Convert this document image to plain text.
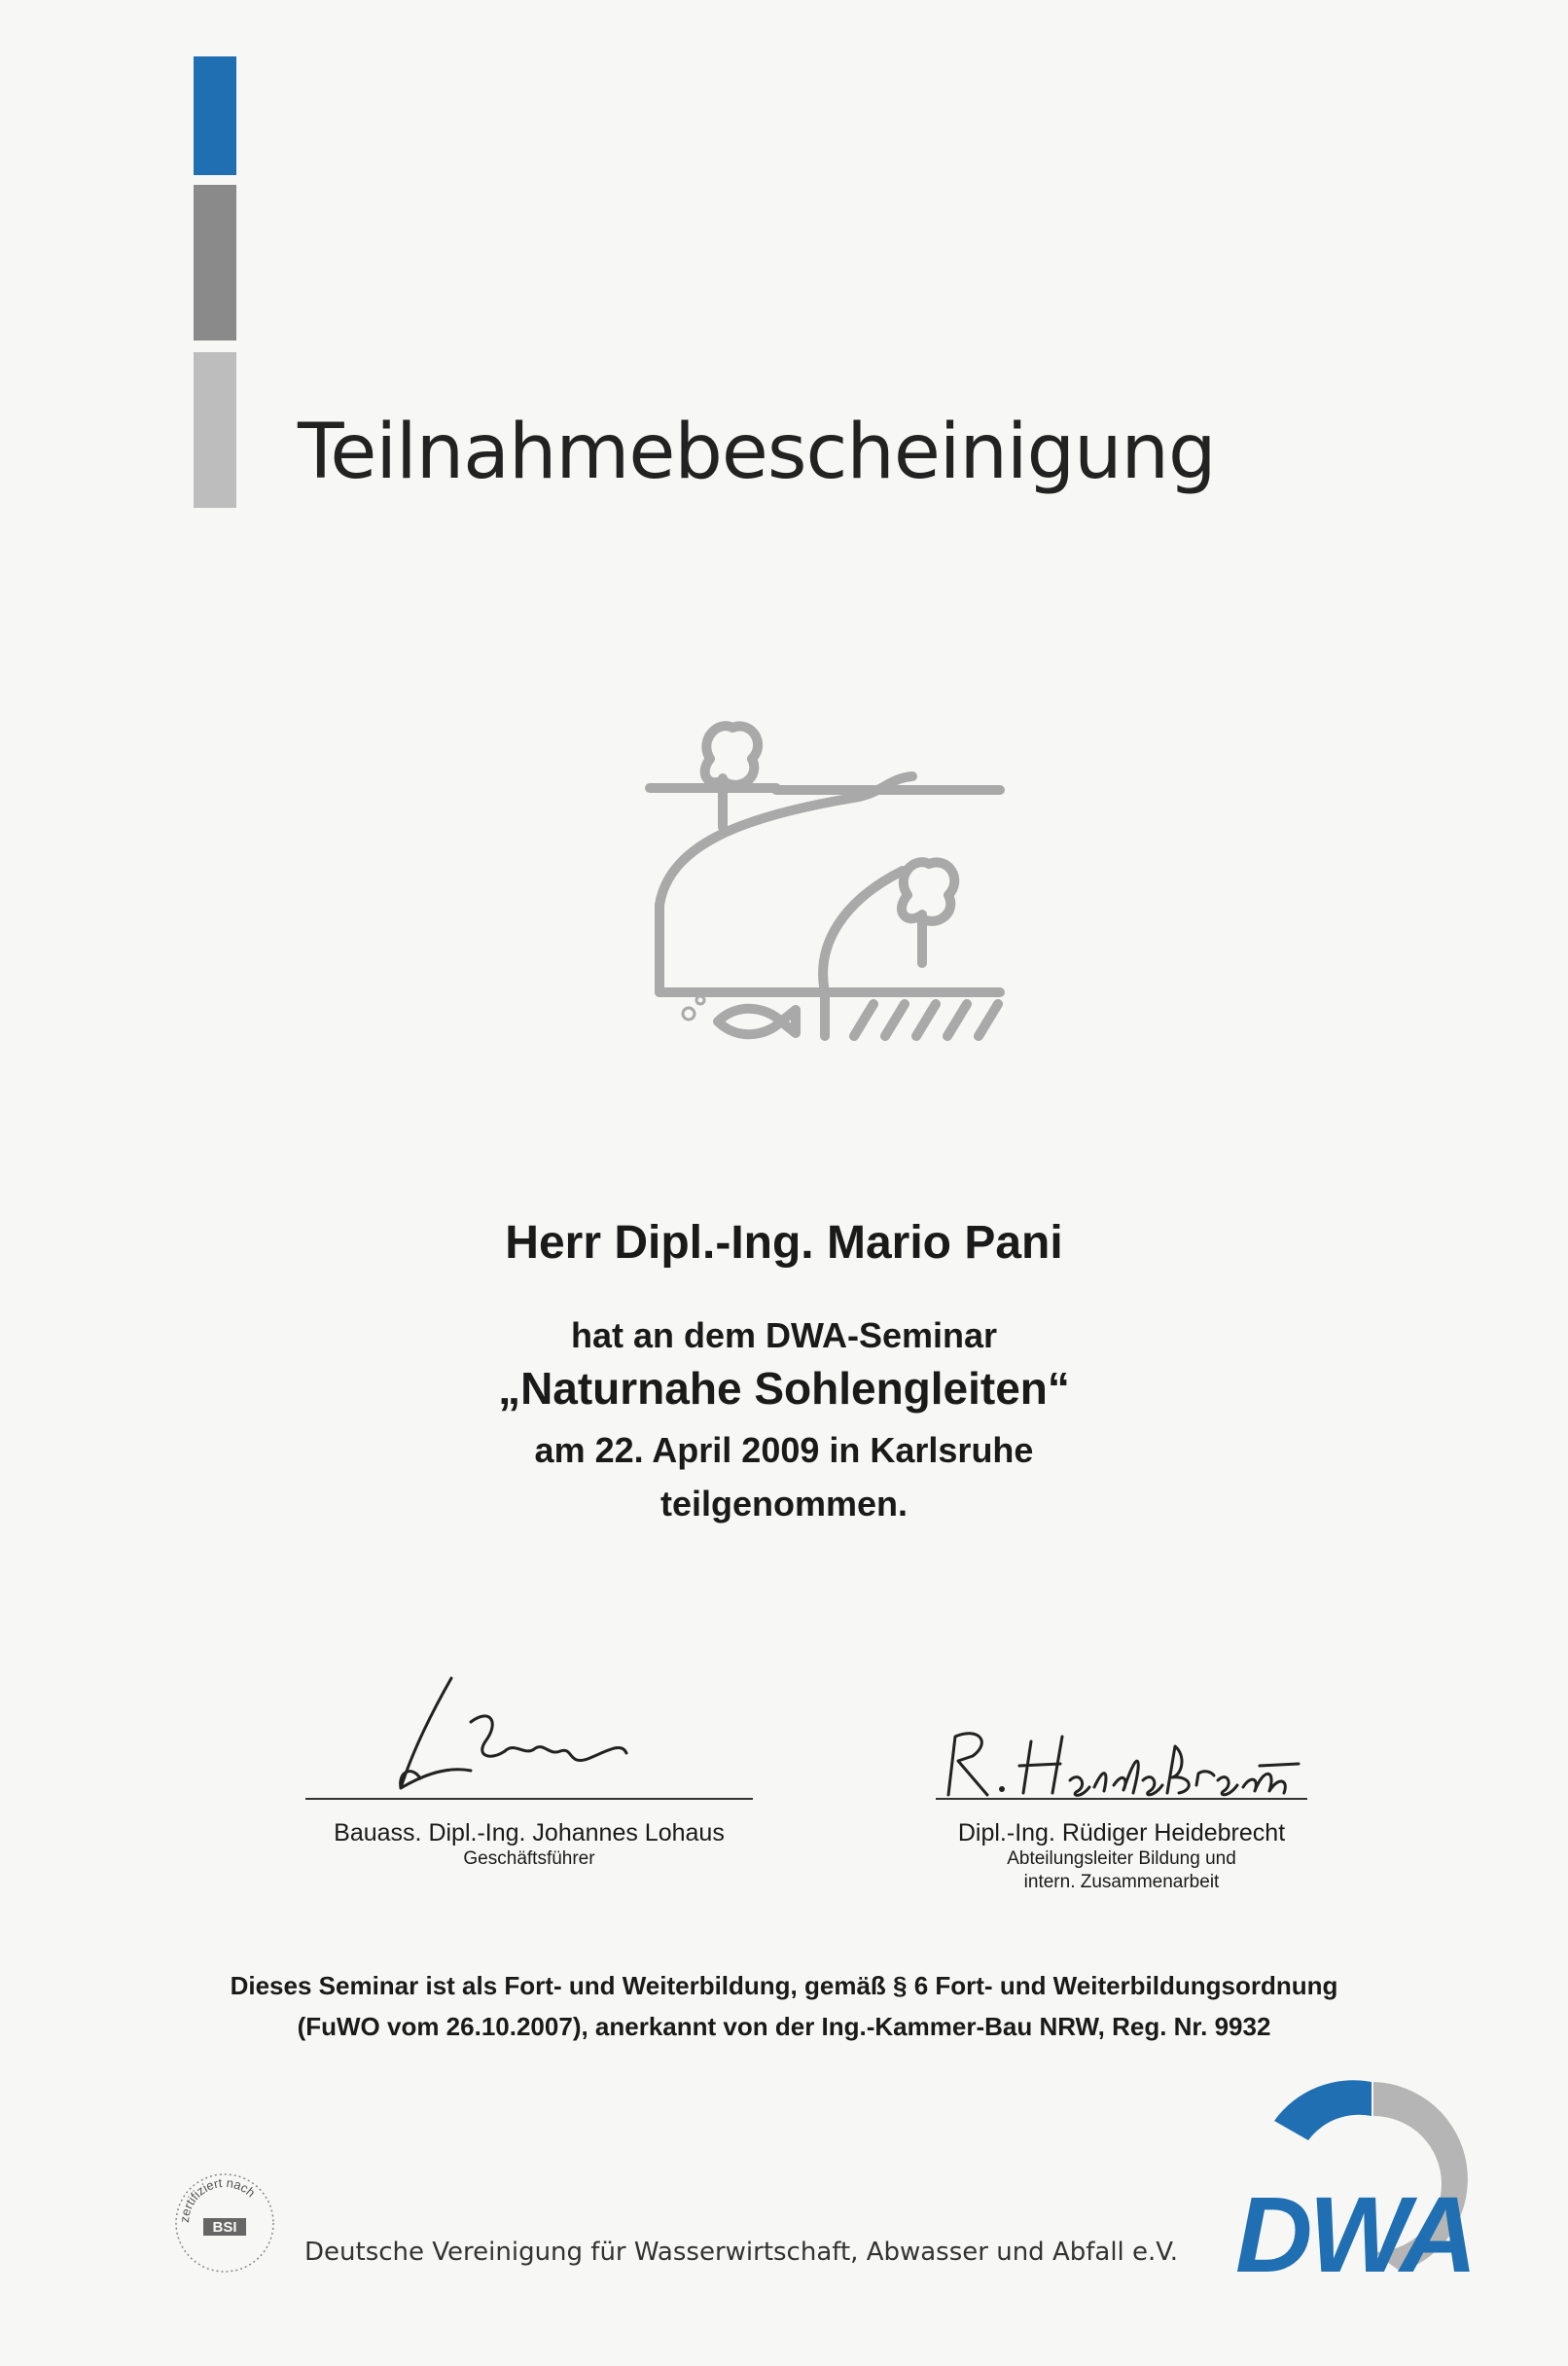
Teilnahmebescheinigung
Herr Dipl.-Ing. Mario Pani
hat an dem DWA-Seminar
„Naturnahe Sohlengleiten“
am 22. April 2009 in Karlsruhe
teilgenommen.
Bauass. Dipl.-Ing. Johannes Lohaus
Geschäftsführer
Dipl.-Ing. Rüdiger Heidebrecht
Abteilungsleiter Bildung und
intern. Zusammenarbeit
Dieses Seminar ist als Fort- und Weiterbildung, gemäß § 6 Fort- und Weiterbildungsordnung
(FuWO vom 26.10.2007), anerkannt von der Ing.-Kammer-Bau NRW, Reg. Nr. 9932
zertifiziert nach
BSI
Deutsche Vereinigung für Wasserwirtschaft, Abwasser und Abfall e.V. DWA
